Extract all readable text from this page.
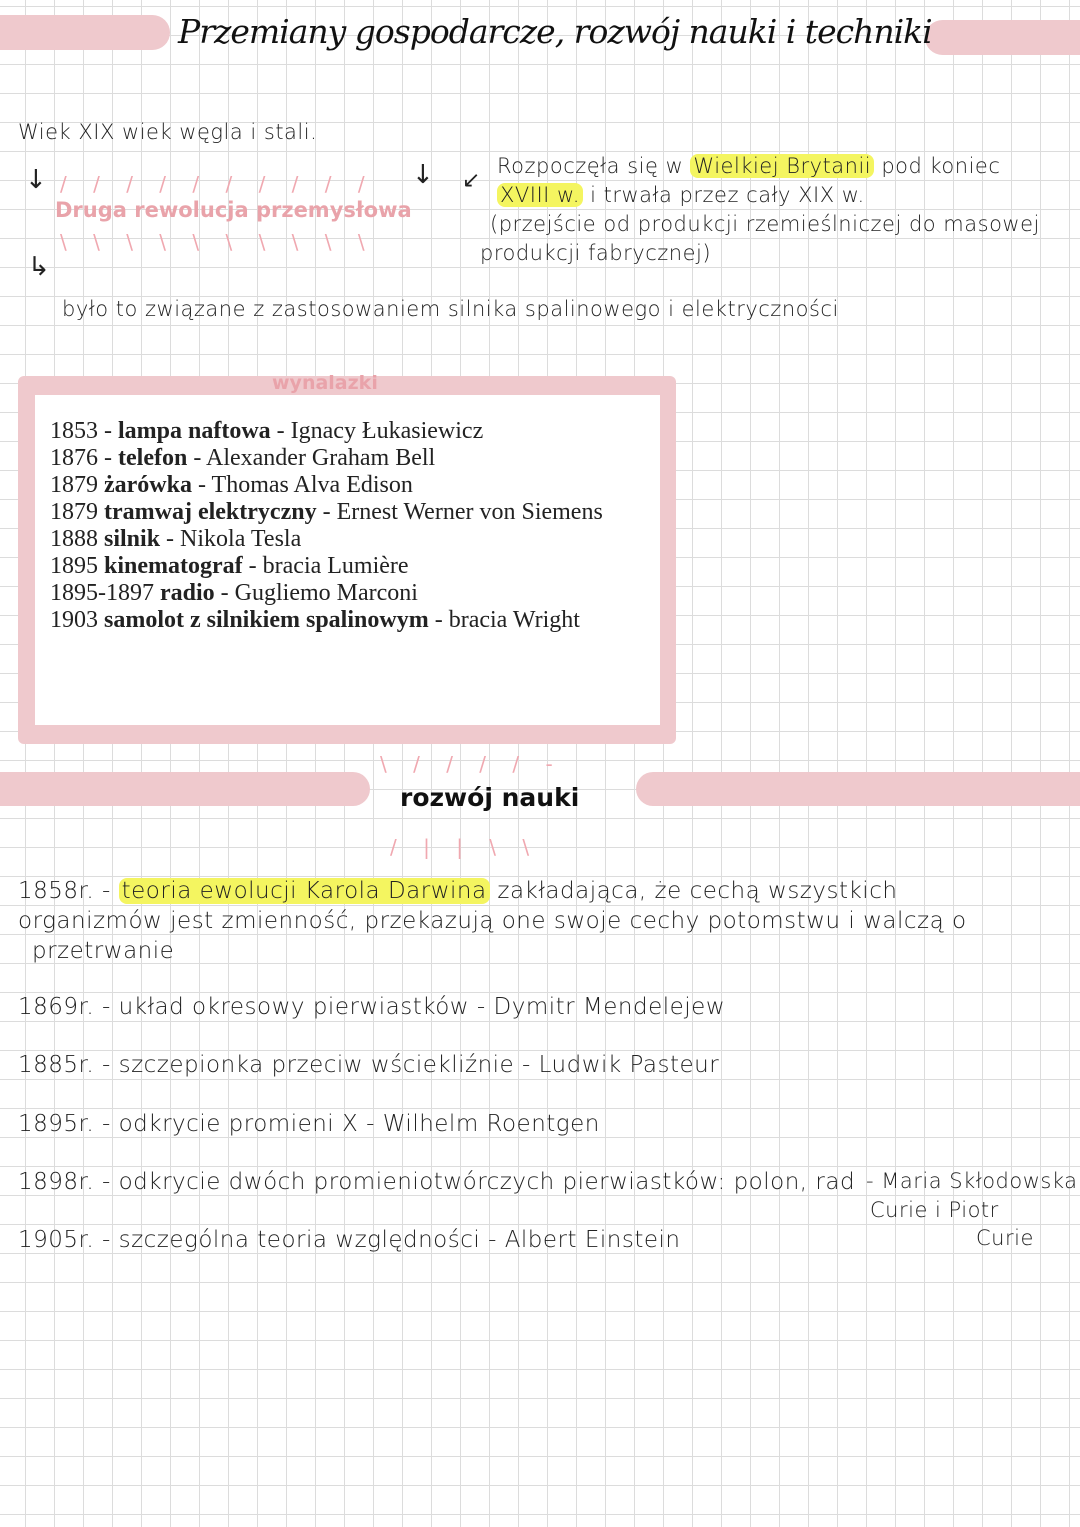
Przemiany gospodarcze, rozwój nauki i techniki
Wiek XIX wiek węgla i stali.
↓ / / / / / / / / / /
Druga rewolucja przemysłowa
\ \ \ \ \ \ \ \ \ \
↓ ↙
Rozpoczęła się w Wielkiej Brytanii pod koniec
XVIII w. i trwała przez cały XIX w.
(przejście od produkcji rzemieślniczej do masowej
produkcji fabrycznej)
↳
było to związane z zastosowaniem silnika spalinowego i elektryczności
wynalazki
1853 - lampa naftowa - Ignacy Łukasiewicz
1876 - telefon - Alexander Graham Bell
1879 żarówka - Thomas Alva Edison
1879 tramwaj elektryczny - Ernest Werner von Siemens
1888 silnik - Nikola Tesla
1895 kinematograf - bracia Lumière
1895-1897 radio - Gugliemo Marconi
1903 samolot z silnikiem spalinowym - bracia Wright
\ / / / / -
rozwój nauki
/ | | \ \
1858r. - teoria ewolucji Karola Darwina zakładająca, że cechą wszystkich
organizmów jest zmienność, przekazują one swoje cechy potomstwu i walczą o
przetrwanie
1869r. - układ okresowy pierwiastków - Dymitr Mendelejew
1885r. - szczepionka przeciw wściekliźnie - Ludwik Pasteur
1895r. - odkrycie promieni X - Wilhelm Roentgen
1898r. - odkrycie dwóch promieniotwórczych pierwiastków: polon, rad - Maria Skłodowska
Curie i Piotr
Curie
1905r. - szczególna teoria względności - Albert Einstein
